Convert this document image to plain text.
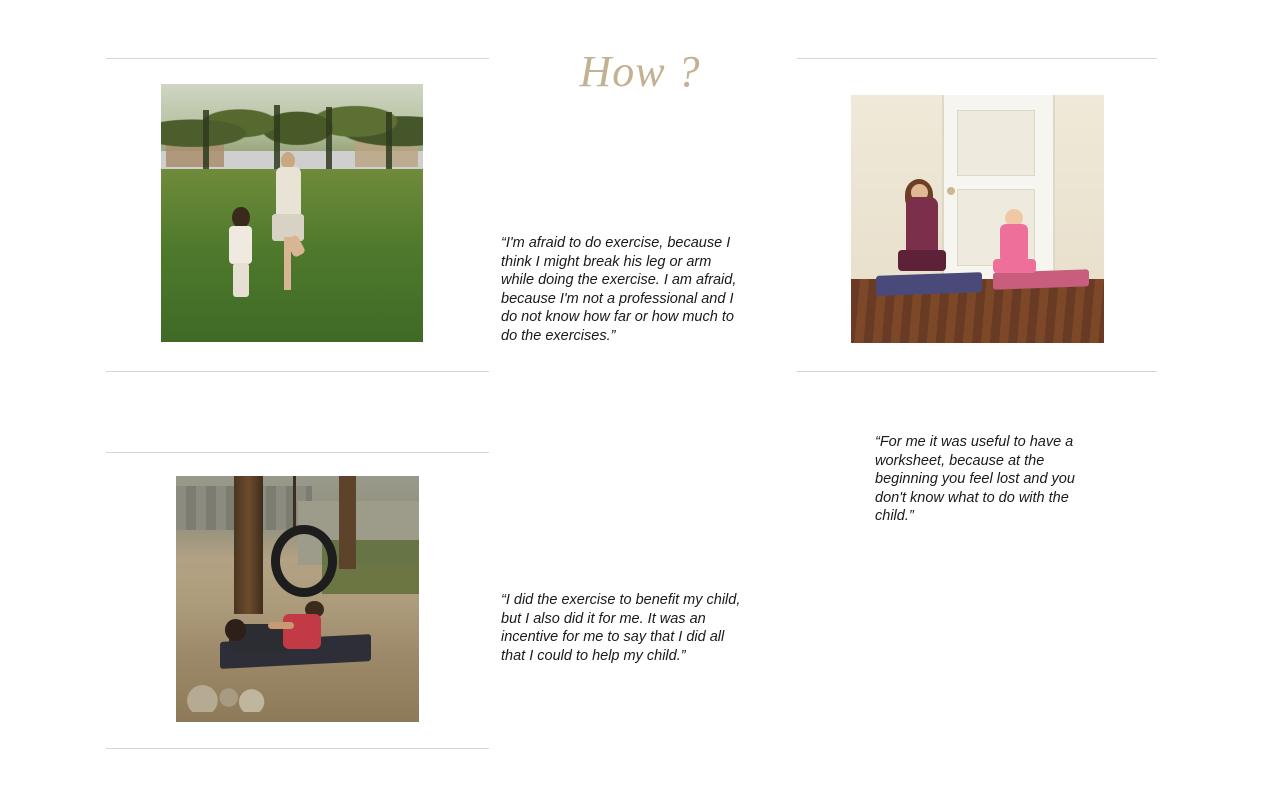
How ?
“I'm afraid to do exercise, because I think I might break his leg or arm while doing the exercise. I am afraid, because I'm not a professional and I do not know how far or how much to do the exercises.”
“For me it was useful to have a worksheet, because at the beginning you feel lost and you don't know what to do with the child.”
“I did the exercise to benefit my child, but I also did it for me. It was an incentive for me to say that I did all that I could to help my child.”
